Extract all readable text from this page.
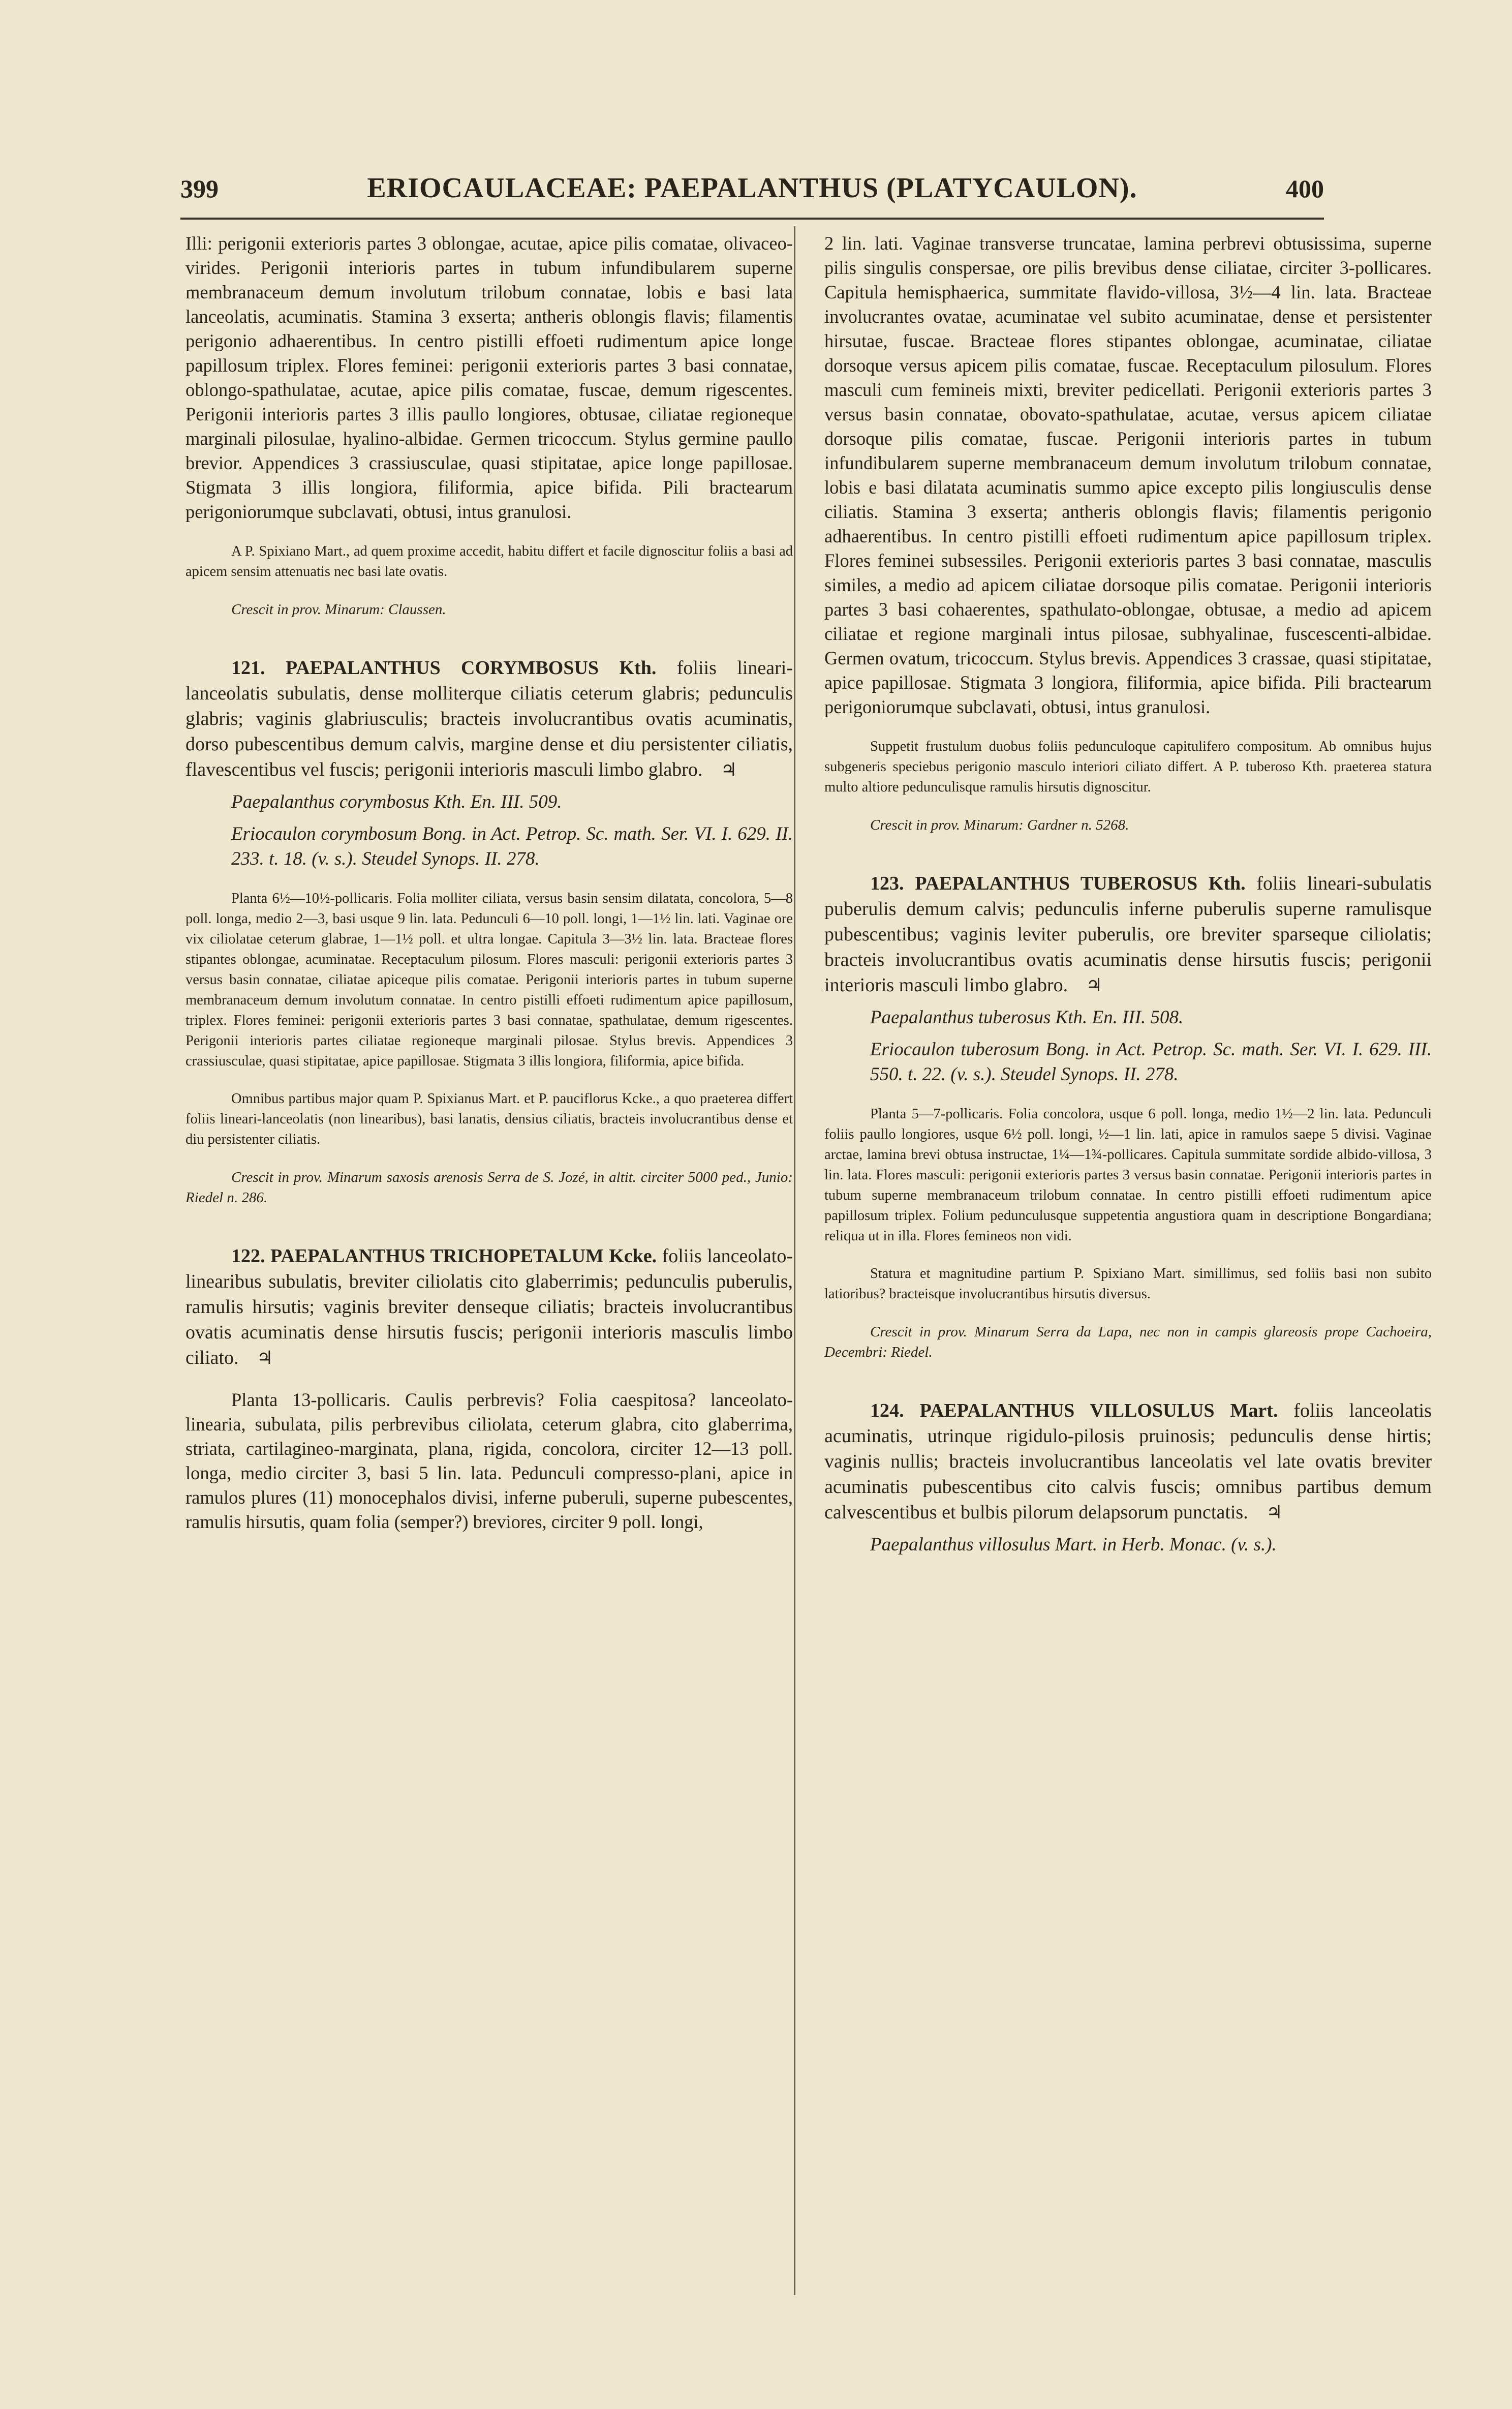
399	ERIOCAULACEAE: PAEPALANTHUS (PLATYCAULON).	400

Illi: perigonii exterioris partes 3 oblongae, acutae, apice pilis comatae, olivaceo-virides. Perigonii interioris partes in tubum infundibularem superne membranaceum demum involutum trilobum connatae, lobis e basi lata lanceolatis, acuminatis. Stamina 3 exserta; antheris oblongis flavis; filamentis perigonio adhaerentibus. In centro pistilli effoeti rudimentum apice longe papillosum triplex. Flores feminei: perigonii exterioris partes 3 basi connatae, oblongo-spathulatae, acutae, apice pilis comatae, fuscae, demum rigescentes. Perigonii interioris partes 3 illis paullo longiores, obtusae, ciliatae regioneque marginali pilosulae, hyalino-albidae. Germen tricoccum. Stylus germine paullo brevior. Appendices 3 crassiusculae, quasi stipitatae, apice longe papillosae. Stigmata 3 illis longiora, filiformia, apice bifida. Pili bractearum perigoniorumque subclavati, obtusi, intus granulosi.

A P. Spixiano Mart., ad quem proxime accedit, habitu differt et facile dignoscitur foliis a basi ad apicem sensim attenuatis nec basi late ovatis.

Crescit in prov. Minarum: Claussen.

121. PAEPALANTHUS CORYMBOSUS Kth. foliis lineari-lanceolatis subulatis, dense molliterque ciliatis ceterum glabris; pedunculis glabris; vaginis glabriusculis; bracteis involucrantibus ovatis acuminatis, dorso pubescentibus demum calvis, margine dense et diu persistenter ciliatis, flavescentibus vel fuscis; perigonii interioris masculi limbo glabro. ♃

Paepalanthus corymbosus Kth. En. III. 509.

Eriocaulon corymbosum Bong. in Act. Petrop. Sc. math. Ser. VI. I. 629. II. 233. t. 18. (v. s.). Steudel Synops. II. 278.

Planta 6½—10½-pollicaris. Folia molliter ciliata, versus basin sensim dilatata, concolora, 5—8 poll. longa, medio 2—3, basi usque 9 lin. lata. Pedunculi 6—10 poll. longi, 1—1½ lin. lati. Vaginae ore vix ciliolatae ceterum glabrae, 1—1½ poll. et ultra longae. Capitula 3—3½ lin. lata. Bracteae flores stipantes oblongae, acuminatae. Receptaculum pilosum. Flores masculi: perigonii exterioris partes 3 versus basin connatae, ciliatae apiceque pilis comatae. Perigonii interioris partes in tubum superne membranaceum demum involutum connatae. In centro pistilli effoeti rudimentum apice papillosum, triplex. Flores feminei: perigonii exterioris partes 3 basi connatae, spathulatae, demum rigescentes. Perigonii interioris partes ciliatae regioneque marginali pilosae. Stylus brevis. Appendices 3 crassiusculae, quasi stipitatae, apice papillosae. Stigmata 3 illis longiora, filiformia, apice bifida.

Omnibus partibus major quam P. Spixianus Mart. et P. pauciflorus Kcke., a quo praeterea differt foliis lineari-lanceolatis (non linearibus), basi lanatis, densius ciliatis, bracteis involucrantibus dense et diu persistenter ciliatis.

Crescit in prov. Minarum saxosis arenosis Serra de S. Jozé, in altit. circiter 5000 ped., Junio: Riedel n. 286.

122. PAEPALANTHUS TRICHOPETALUM Kcke. foliis lanceolato-linearibus subulatis, breviter ciliolatis cito glaberrimis; pedunculis puberulis, ramulis hirsutis; vaginis breviter denseque ciliatis; bracteis involucrantibus ovatis acuminatis dense hirsutis fuscis; perigonii interioris masculis limbo ciliato. ♃

Planta 13-pollicaris. Caulis perbrevis? Folia caespitosa? lanceolato-linearia, subulata, pilis perbrevibus ciliolata, ceterum glabra, cito glaberrima, striata, cartilagineo-marginata, plana, rigida, concolora, circiter 12—13 poll. longa, medio circiter 3, basi 5 lin. lata. Pedunculi compresso-plani, apice in ramulos plures (11) monocephalos divisi, inferne puberuli, superne pubescentes, ramulis hirsutis, quam folia (semper?) breviores, circiter 9 poll. longi,

2 lin. lati. Vaginae transverse truncatae, lamina perbrevi obtusissima, superne pilis singulis conspersae, ore pilis brevibus dense ciliatae, circiter 3-pollicares. Capitula hemisphaerica, summitate flavido-villosa, 3½—4 lin. lata. Bracteae involucrantes ovatae, acuminatae vel subito acuminatae, dense et persistenter hirsutae, fuscae. Bracteae flores stipantes oblongae, acuminatae, ciliatae dorsoque versus apicem pilis comatae, fuscae. Receptaculum pilosulum. Flores masculi cum femineis mixti, breviter pedicellati. Perigonii exterioris partes 3 versus basin connatae, obovato-spathulatae, acutae, versus apicem ciliatae dorsoque pilis comatae, fuscae. Perigonii interioris partes in tubum infundibularem superne membranaceum demum involutum trilobum connatae, lobis e basi dilatata acuminatis summo apice excepto pilis longiusculis dense ciliatis. Stamina 3 exserta; antheris oblongis flavis; filamentis perigonio adhaerentibus. In centro pistilli effoeti rudimentum apice papillosum triplex. Flores feminei subsessiles. Perigonii exterioris partes 3 basi connatae, masculis similes, a medio ad apicem ciliatae dorsoque pilis comatae. Perigonii interioris partes 3 basi cohaerentes, spathulato-oblongae, obtusae, a medio ad apicem ciliatae et regione marginali intus pilosae, subhyalinae, fuscescenti-albidae. Germen ovatum, tricoccum. Stylus brevis. Appendices 3 crassae, quasi stipitatae, apice papillosae. Stigmata 3 longiora, filiformia, apice bifida. Pili bractearum perigoniorumque subclavati, obtusi, intus granulosi.

Suppetit frustulum duobus foliis pedunculoque capitulifero compositum. Ab omnibus hujus subgeneris speciebus perigonio masculo interiori ciliato differt. A P. tuberoso Kth. praeterea statura multo altiore pedunculisque ramulis hirsutis dignoscitur.

Crescit in prov. Minarum: Gardner n. 5268.

123. PAEPALANTHUS TUBEROSUS Kth. foliis lineari-subulatis puberulis demum calvis; pedunculis inferne puberulis superne ramulisque pubescentibus; vaginis leviter puberulis, ore breviter sparseque ciliolatis; bracteis involucrantibus ovatis acuminatis dense hirsutis fuscis; perigonii interioris masculi limbo glabro. ♃

Paepalanthus tuberosus Kth. En. III. 508.

Eriocaulon tuberosum Bong. in Act. Petrop. Sc. math. Ser. VI. I. 629. III. 550. t. 22. (v. s.). Steudel Synops. II. 278.

Planta 5—7-pollicaris. Folia concolora, usque 6 poll. longa, medio 1½—2 lin. lata. Pedunculi foliis paullo longiores, usque 6½ poll. longi, ½—1 lin. lati, apice in ramulos saepe 5 divisi. Vaginae arctae, lamina brevi obtusa instructae, 1¼—1¾-pollicares. Capitula summitate sordide albido-villosa, 3 lin. lata. Flores masculi: perigonii exterioris partes 3 versus basin connatae. Perigonii interioris partes in tubum superne membranaceum trilobum connatae. In centro pistilli effoeti rudimentum apice papillosum triplex. Folium pedunculusque suppetentia angustiora quam in descriptione Bongardiana; reliqua ut in illa. Flores femineos non vidi.

Statura et magnitudine partium P. Spixiano Mart. simillimus, sed foliis basi non subito latioribus? bracteisque involucrantibus hirsutis diversus.

Crescit in prov. Minarum Serra da Lapa, nec non in campis glareosis prope Cachoeira, Decembri: Riedel.

124. PAEPALANTHUS VILLOSULUS Mart. foliis lanceolatis acuminatis, utrinque rigidulo-pilosis pruinosis; pedunculis dense hirtis; vaginis nullis; bracteis involucrantibus lanceolatis vel late ovatis breviter acuminatis pubescentibus cito calvis fuscis; omnibus partibus demum calvescentibus et bulbis pilorum delapsorum punctatis. ♃

Paepalanthus villosulus Mart. in Herb. Monac. (v. s.).
